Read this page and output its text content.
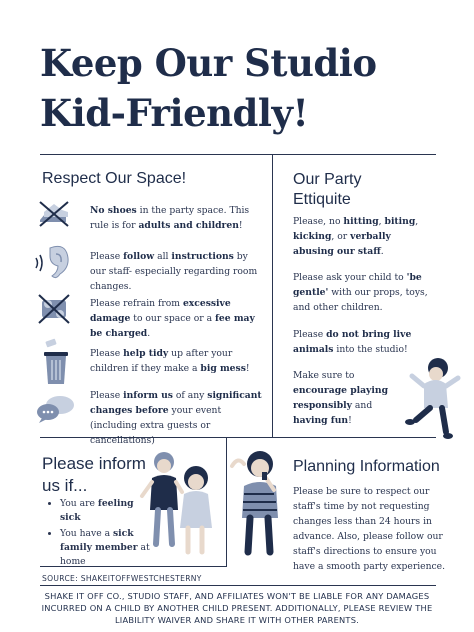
Keep Our Studio
Kid-Friendly!
Respect Our Space!
No shoes in the party space. This rule is for adults and children!
Please follow all instructions by our staff- especially regarding room changes.
Please refrain from excessive damage to our space or a fee may be charged.
Please help tidy up after your children if they make a big mess!
Please inform us of any significant changes before your event (including extra guests or cancellations)
Our Party
Ettiquite
Please, no hitting, biting, kicking, or verbally abusing our staff.
Please ask your child to 'be gentle' with our props, toys, and other children.
Please do not bring live animals into the studio!
Make sure to encourage playing responsibly and having fun!
Please inform
us if...
• You are feeling sick
• You have a sick family member at home
Planning Information
Please be sure to respect our staff's time by not requesting changes less than 24 hours in advance. Also, please follow our staff's directions to ensure you have a smooth party experience.
SOURCE: SHAKEITOFFWESTCHESTERNY
SHAKE IT OFF CO., STUDIO STAFF, AND AFFILIATES WON'T BE LIABLE FOR ANY DAMAGES INCURRED ON A CHILD BY ANOTHER CHILD PRESENT. ADDITIONALLY, PLEASE REVIEW THE LIABILITY WAIVER AND SHARE IT WITH OTHER PARENTS.
